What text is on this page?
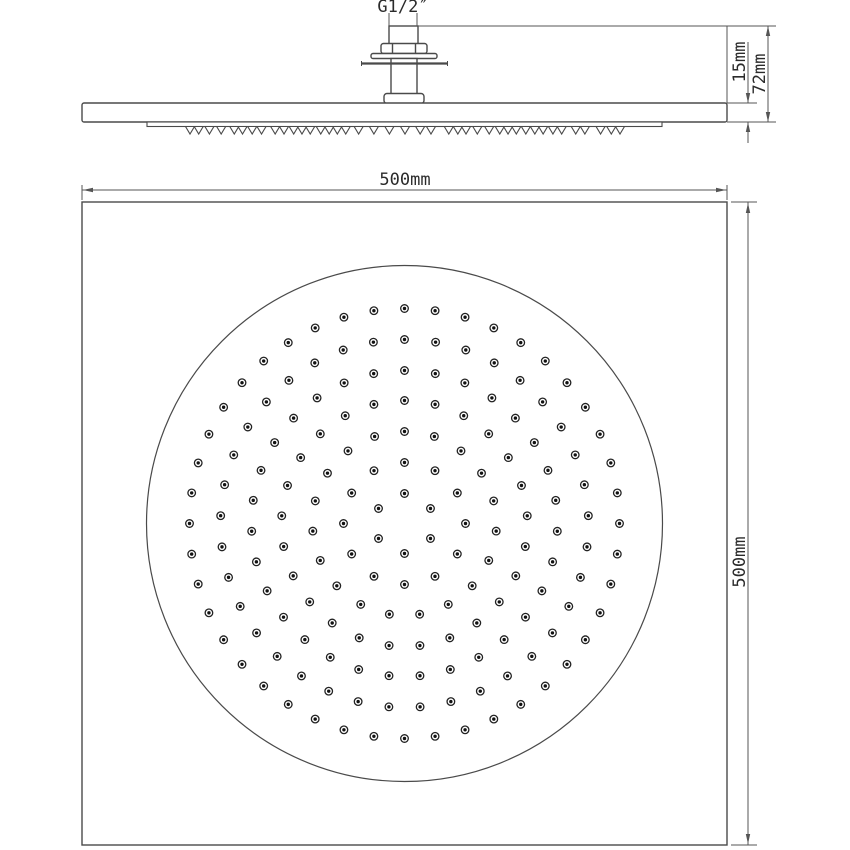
G1/2″
15mm 72mm
500mm
500mm
